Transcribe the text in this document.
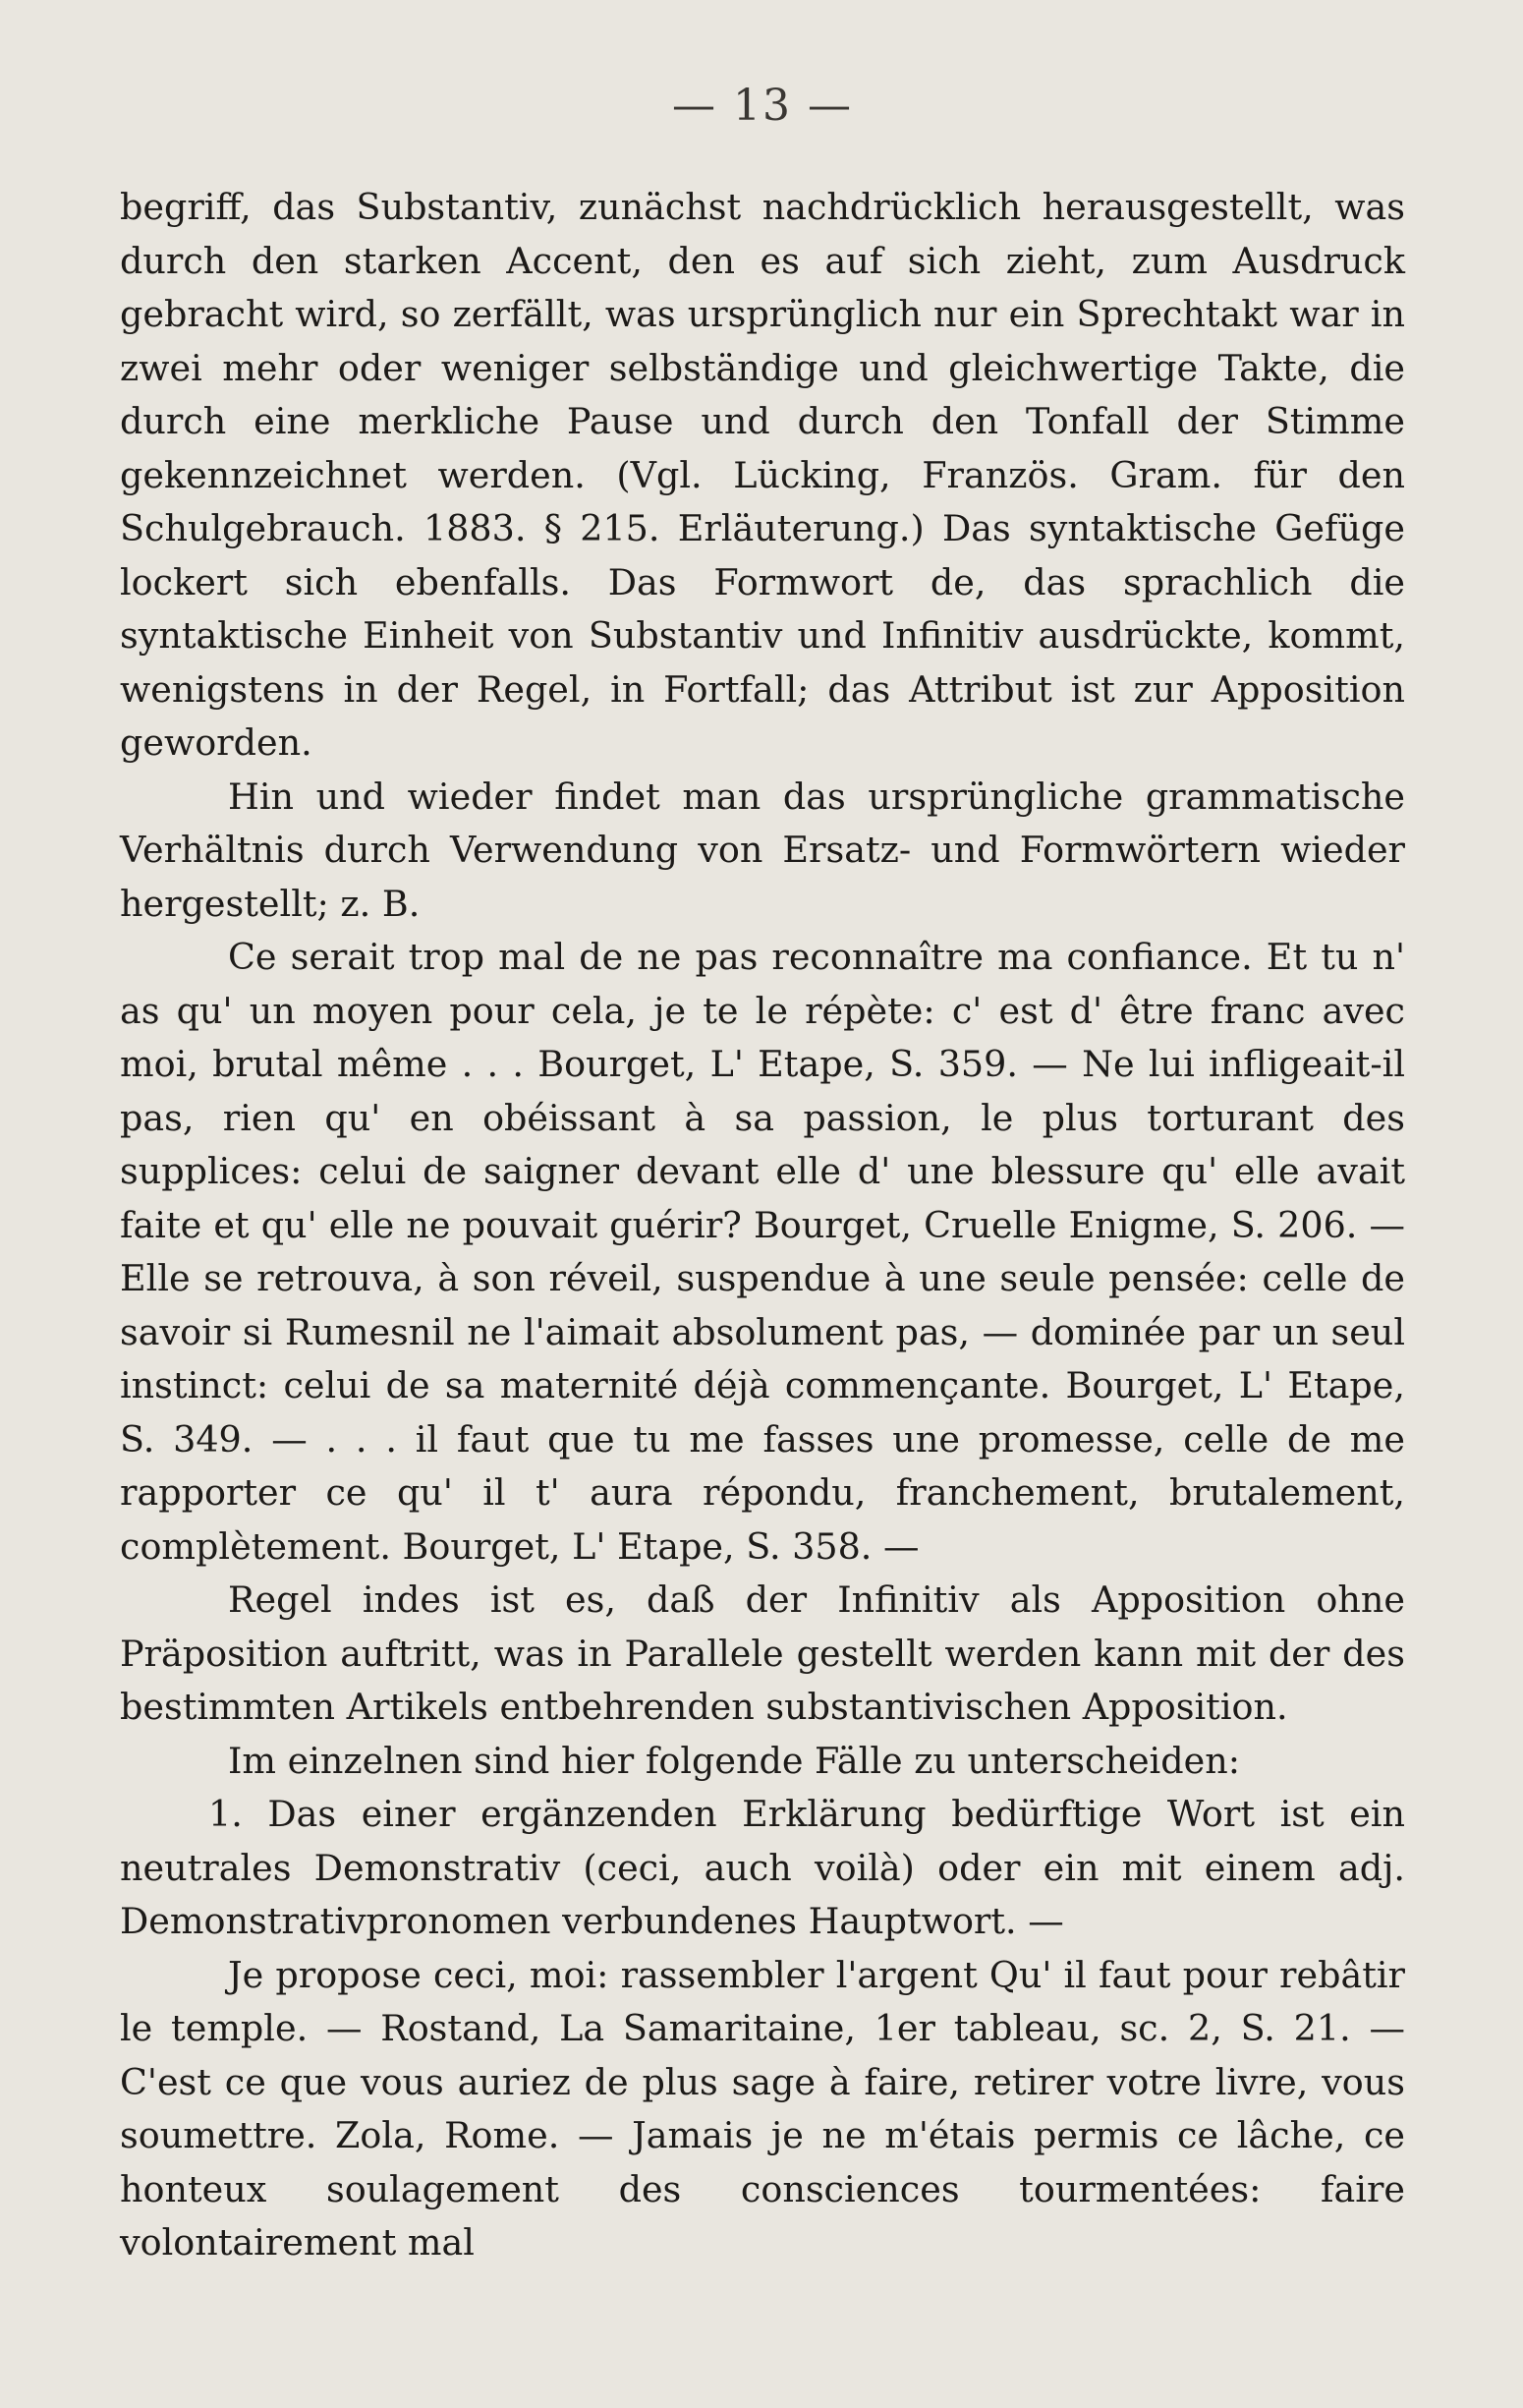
— 13 —

begriff, das Substantiv, zunächst nachdrücklich herausgestellt, was durch den starken Accent, den es auf sich zieht, zum Ausdruck gebracht wird, so zerfällt, was ursprünglich nur ein Sprechtakt war in zwei mehr oder weniger selbständige und gleichwertige Takte, die durch eine merkliche Pause und durch den Tonfall der Stimme gekennzeichnet werden. (Vgl. Lücking, Französ. Gram. für den Schulgebrauch. 1883. § 215. Erläuterung.) Das syntaktische Gefüge lockert sich ebenfalls. Das Formwort de, das sprachlich die syntaktische Einheit von Substantiv und Infinitiv ausdrückte, kommt, wenigstens in der Regel, in Fortfall; das Attribut ist zur Apposition geworden.

Hin und wieder findet man das ursprüngliche grammatische Verhältnis durch Verwendung von Ersatz- und Formwörtern wieder hergestellt; z. B.

Ce serait trop mal de ne pas reconnaître ma confiance. Et tu n' as qu' un moyen pour cela, je te le répète: c' est d' être franc avec moi, brutal même . . . Bourget, L' Etape, S. 359. — Ne lui infligeait-il pas, rien qu' en obéissant à sa passion, le plus torturant des supplices: celui de saigner devant elle d' une blessure qu' elle avait faite et qu' elle ne pouvait guérir? Bourget, Cruelle Enigme, S. 206. — Elle se retrouva, à son réveil, suspendue à une seule pensée: celle de savoir si Rumesnil ne l'aimait absolument pas, — dominée par un seul instinct: celui de sa maternité déjà commençante. Bourget, L' Etape, S. 349. — . . . il faut que tu me fasses une promesse, celle de me rapporter ce qu' il t' aura répondu, franchement, brutalement, complètement. Bourget, L' Etape, S. 358. —

Regel indes ist es, daß der Infinitiv als Apposition ohne Präposition auftritt, was in Parallele gestellt werden kann mit der des bestimmten Artikels entbehrenden substantivischen Apposition.

Im einzelnen sind hier folgende Fälle zu unterscheiden:

1. Das einer ergänzenden Erklärung bedürftige Wort ist ein neutrales Demonstrativ (ceci, auch voilà) oder ein mit einem adj. Demonstrativpronomen verbundenes Hauptwort. —

Je propose ceci, moi: rassembler l'argent Qu' il faut pour rebâtir le temple. — Rostand, La Samaritaine, 1er tableau, sc. 2, S. 21. — C'est ce que vous auriez de plus sage à faire, retirer votre livre, vous soumettre. Zola, Rome. — Jamais je ne m'étais permis ce lâche, ce honteux soulagement des consciences tourmentées: faire volontairement mal
